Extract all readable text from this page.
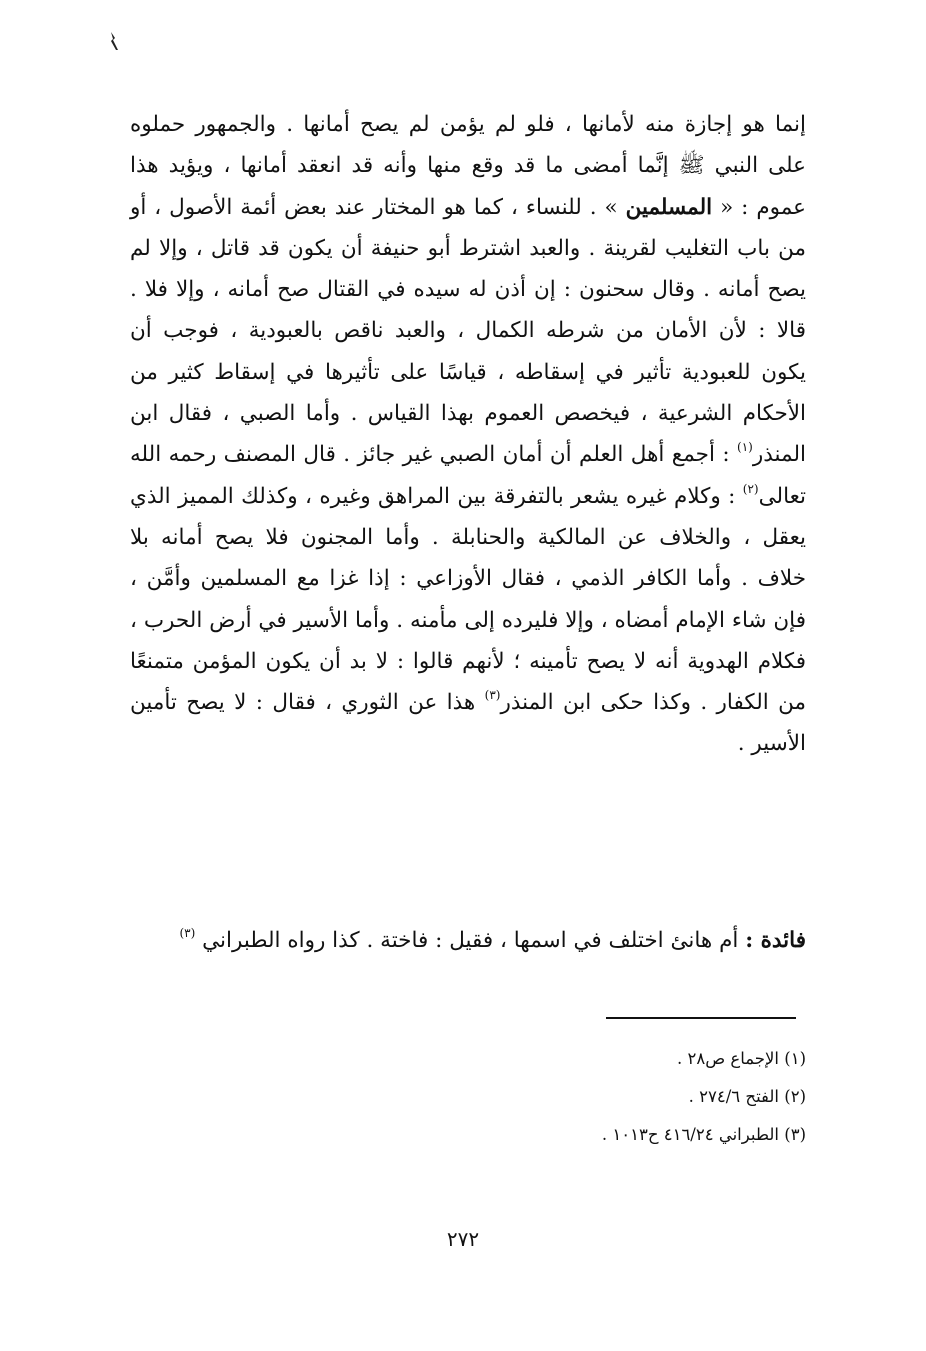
إنما هو إجازة منه لأمانها ، فلو لم يؤمن لم يصح أمانها . والجمهور حملوه
على النبي ﷺ إنَّما أمضى ما قد وقع منها وأنه قد انعقد أمانها ، ويؤيد هذا
عموم : « المسلمين » . للنساء ، كما هو المختار عند بعض أئمة الأصول ، أو
من باب التغليب لقرينة . والعبد اشترط أبو حنيفة أن يكون قد قاتل ، وإلا لم
يصح أمانه . وقال سحنون : إن أذن له سيده في القتال صح أمانه ، وإلا فلا .
قالا : لأن الأمان من شرطه الكمال ، والعبد ناقص بالعبودية ، فوجب أن
يكون للعبودية تأثير في إسقاطه ، قياسًا على تأثيرها في إسقاط كثير من
الأحكام الشرعية ، فيخصص العموم بهذا القياس . وأما الصبي ، فقال ابن
المنذر$^{(١)}$ : أجمع أهل العلم أن أمان الصبي غير جائز . قال المصنف رحمه الله
تعالى$^{(٢)}$ : وكلام غيره يشعر بالتفرقة بين المراهق وغيره ، وكذلك المميز الذي
يعقل ، والخلاف عن المالكية والحنابلة . وأما المجنون فلا يصح أمانه بلا
خلاف . وأما الكافر الذمي ، فقال الأوزاعي : إذا غزا مع المسلمين وأمَّن ،
فإن شاء الإمام أمضاه ، وإلا فليرده إلى مأمنه . وأما الأسير في أرض الحرب ،
فكلام الهدوية أنه لا يصح تأمينه ؛ لأنهم قالوا : لا بد أن يكون المؤمن متمنعًا
من الكفار . وكذا حكى ابن المنذر$^{(٣)}$ هذا عن الثوري ، فقال : لا يصح تأمين
الأسير .
فائدة : أم هانئ اختلف في اسمها ، فقيل : فاختة . كذا رواه الطبراني $^{(٣)}$
(١) الإجماع ص٢٨ .
(٢) الفتح ٢٧٤/٦ .
(٣) الطبراني ٤١٦/٢٤ ح١٠١٣ .
٢٧٢
